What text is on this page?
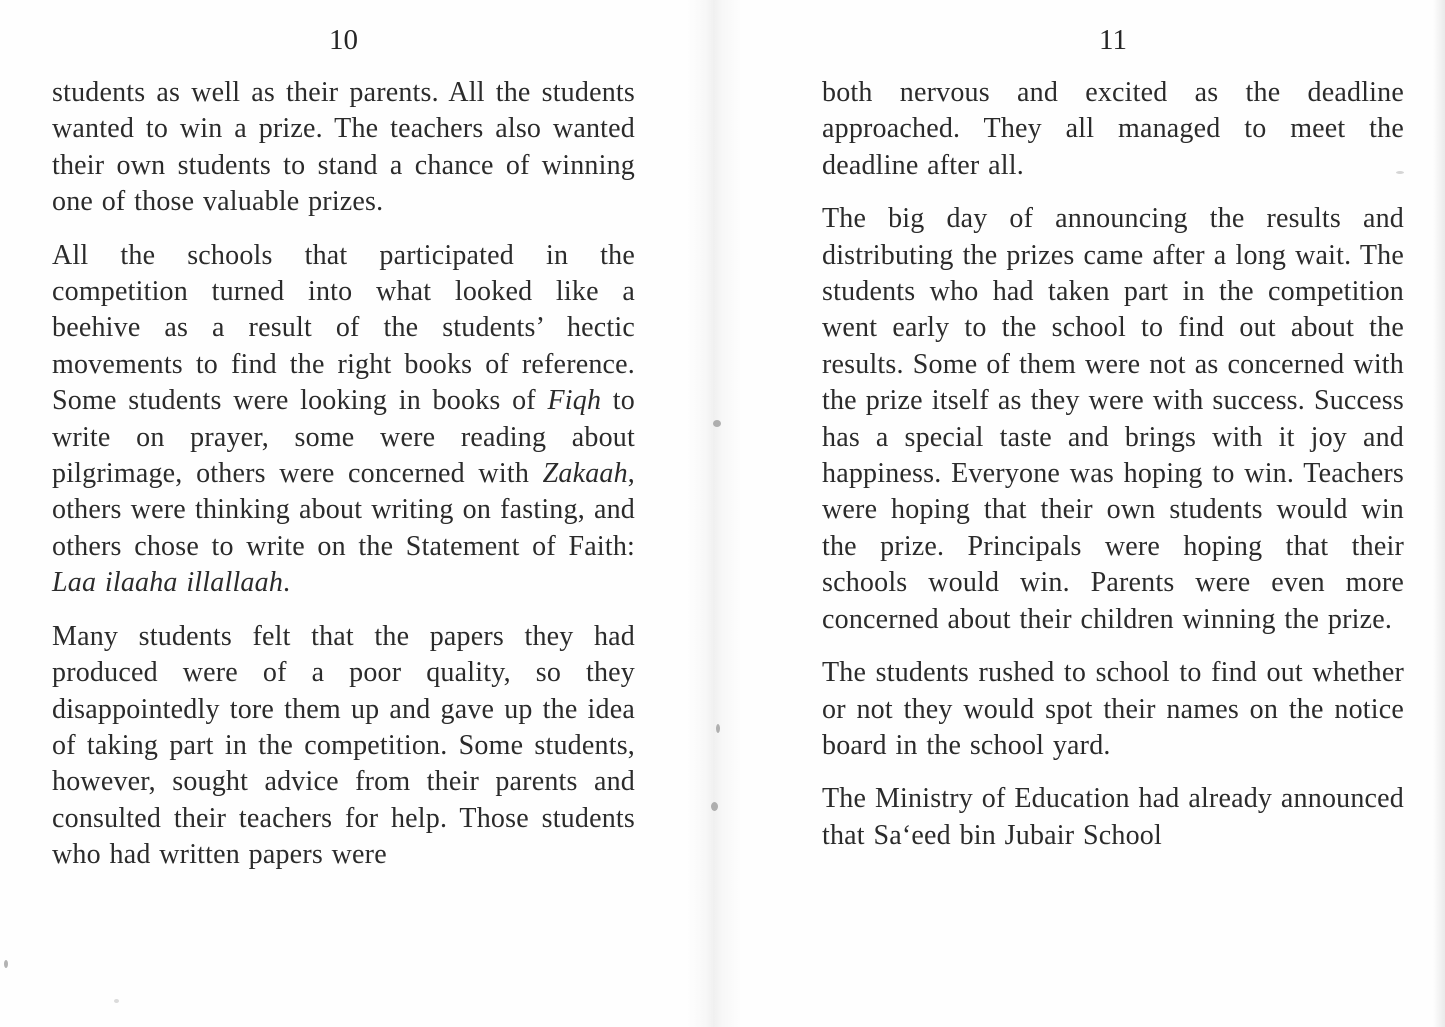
10

students as well as their parents. All the students wanted to win a prize. The teachers also wanted their own students to stand a chance of winning one of those valuable prizes.

All the schools that participated in the competition turned into what looked like a beehive as a result of the students’ hectic movements to find the right books of reference. Some students were looking in books of Fiqh to write on prayer, some were reading about pilgrimage, others were concerned with Zakaah, others were thinking about writing on fasting, and others chose to write on the Statement of Faith: Laa ilaaha illallaah.

Many students felt that the papers they had produced were of a poor quality, so they disappointedly tore them up and gave up the idea of taking part in the competition. Some students, however, sought advice from their parents and consulted their teachers for help. Those students who had written papers were

11

both nervous and excited as the deadline approached. They all managed to meet the deadline after all.

The big day of announcing the results and distributing the prizes came after a long wait. The students who had taken part in the competition went early to the school to find out about the results. Some of them were not as concerned with the prize itself as they were with success. Success has a special taste and brings with it joy and happiness. Everyone was hoping to win. Teachers were hoping that their own students would win the prize. Principals were hoping that their schools would win. Parents were even more concerned about their children winning the prize.

The students rushed to school to find out whether or not they would spot their names on the notice board in the school yard.

The Ministry of Education had already announced that Sa‘eed bin Jubair School
